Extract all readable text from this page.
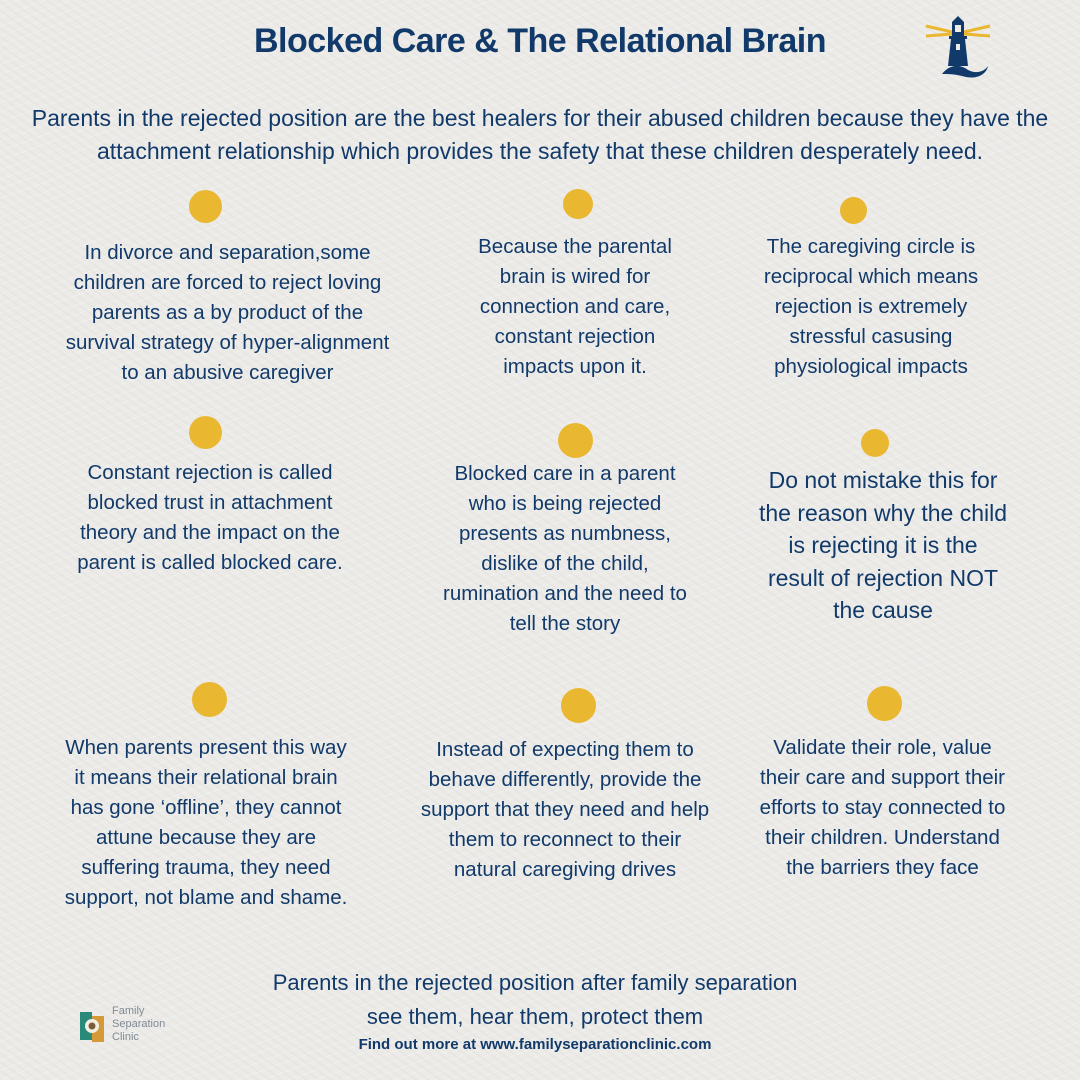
Blocked Care & The Relational Brain
Parents in the rejected position are the best healers for their abused children because they have the attachment relationship which provides the safety that these children desperately need.
In divorce and separation,some children are forced to reject loving parents as a by product of the survival strategy of hyper-alignment to an abusive caregiver
Because the parental brain is wired for connection and care, constant rejection impacts upon it.
The caregiving circle is reciprocal which means rejection is extremely stressful casusing physiological impacts
Constant rejection is called blocked trust in attachment theory and the impact on the parent is called blocked care.
Blocked care in a parent who is being rejected presents as numbness, dislike of the child, rumination and the need to tell the story
Do not mistake this for the reason why the child is rejecting it is the result of rejection NOT the cause
When parents present this way it means their relational brain has gone ‘offline’, they cannot attune because they are suffering trauma, they need support, not blame and shame.
Instead of expecting them to behave differently, provide the support that they need and help them to reconnect to their natural caregiving drives
Validate their role, value their care and support their efforts to stay connected to their children. Understand the barriers they face
Family
Separation
Clinic
Parents in the rejected position after family separation
see them, hear them, protect them
Find out more at www.familyseparationclinic.com
